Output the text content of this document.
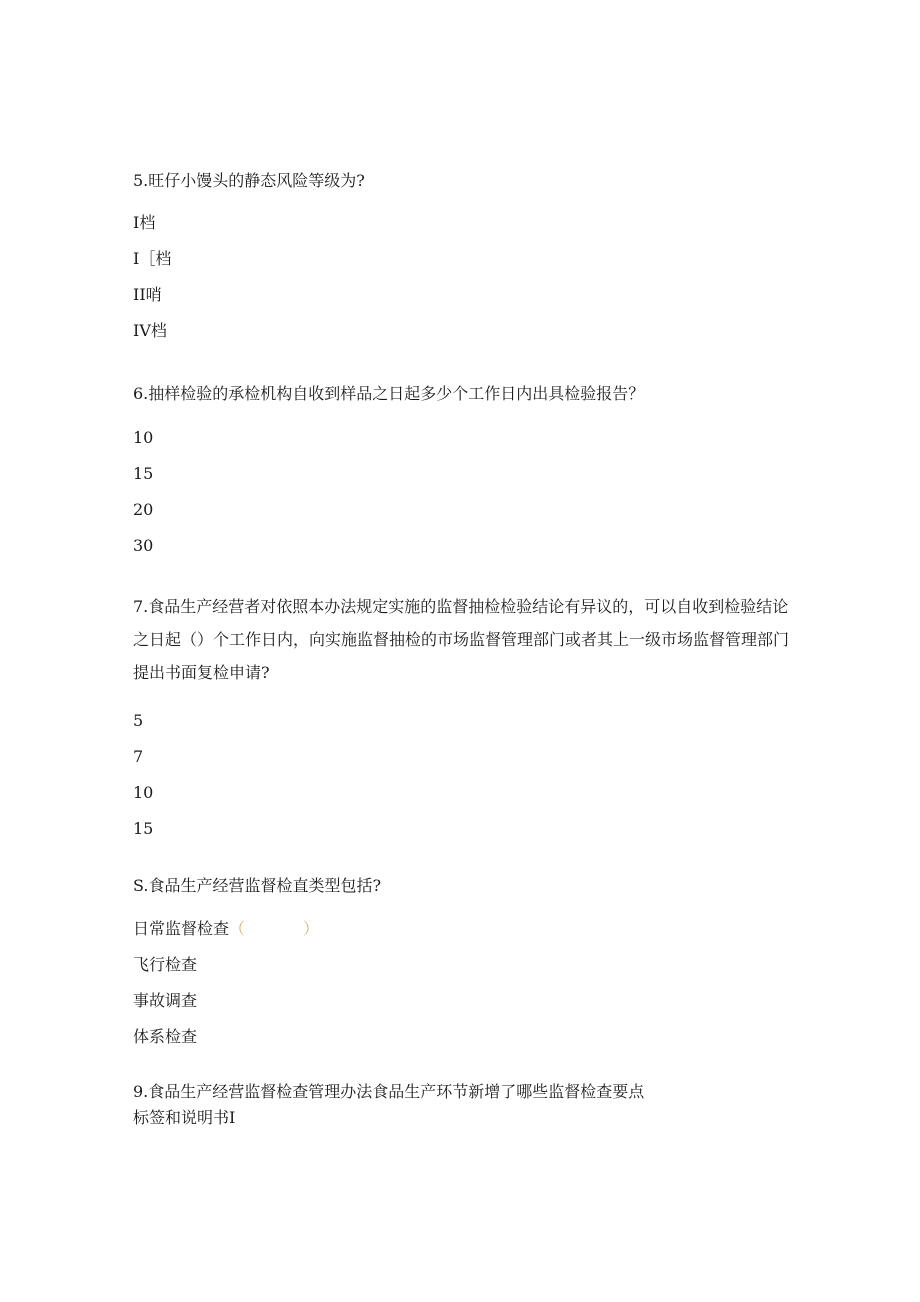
5.旺仔小馒头的静态风险等级为?
I档
I［档
II哨
IV档
6.抽样检验的承检机构自收到样品之日起多少个工作日内出具检验报告？
10
15
20
30
7.食品生产经营者对依照本办法规定实施的监督抽检检验结论有异议的，可以自收到检验结论之日起（）个工作日内，向实施监督抽检的市场监督管理部门或者其上一级市场监督管理部门提出书面复检申请?
5
7
10
15
S.食品生产经营监督检直类型包括?
日常监督检查（	）
飞行检查
事故调查
体系检查
9.食品生产经营监督检查管理办法食品生产环节新增了哪些监督检查要点
标签和说明书I
